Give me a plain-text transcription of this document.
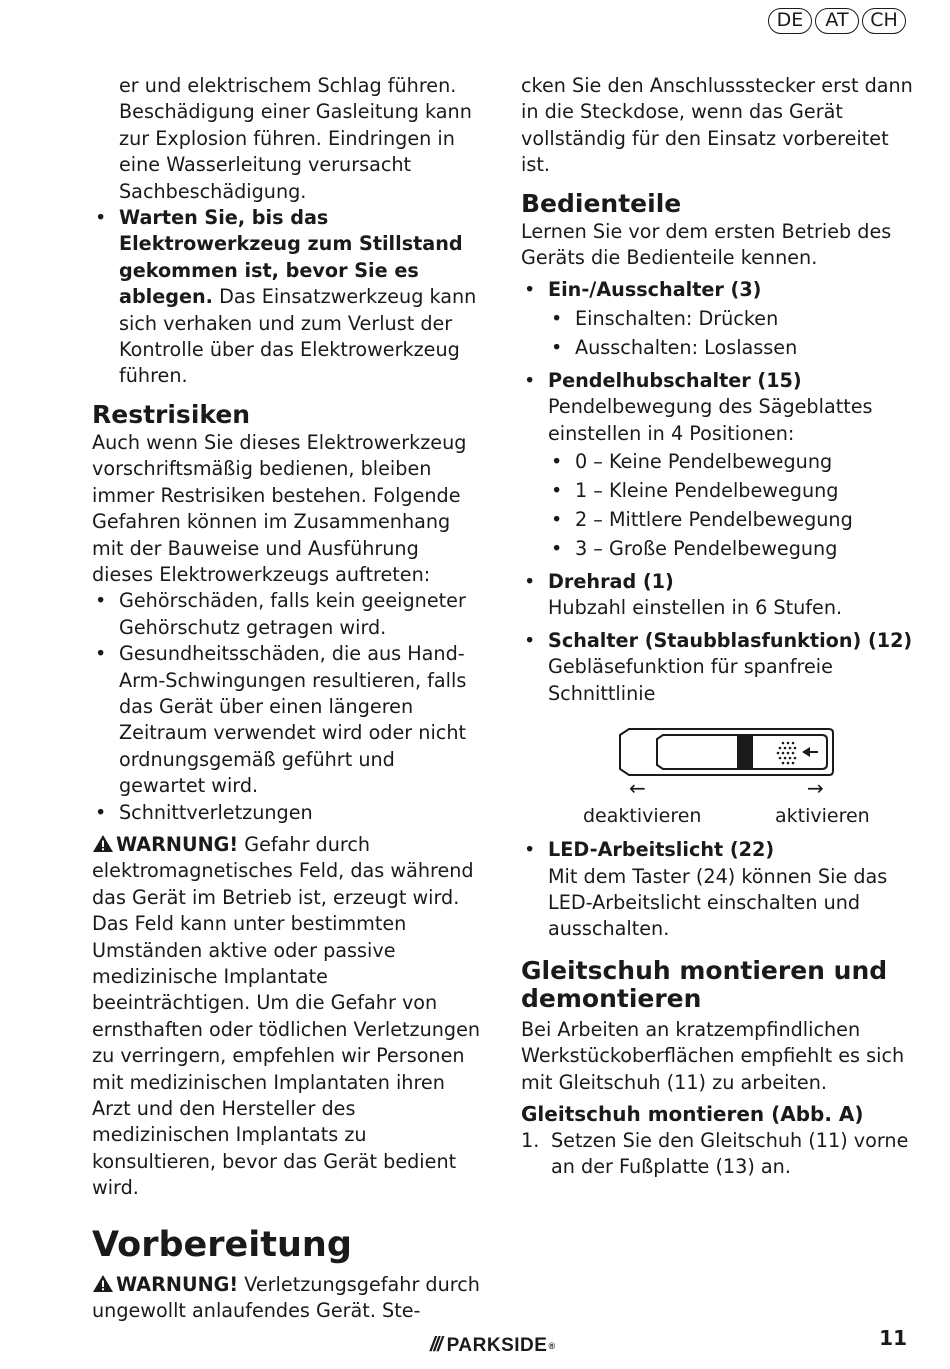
DE	AT	CH

er und elektrischem Schlag führen. Beschädigung einer Gasleitung kann zur Explosion führen. Eindringen in eine Wasserleitung verursacht Sachbeschädigung.

• Warten Sie, bis das Elektrowerkzeug zum Stillstand gekommen ist, bevor Sie es ablegen. Das Einsatzwerkzeug kann sich verhaken und zum Verlust der Kontrolle über das Elektrowerkzeug führen.
Restrisiken

Auch wenn Sie dieses Elektrowerkzeug vorschriftsmäßig bedienen, bleiben immer Restrisiken bestehen. Folgende Gefahren können im Zusammenhang mit der Bauweise und Ausführung dieses Elektrowerkzeugs auftreten:

• Gehörschäden, falls kein geeigneter Gehörschutz getragen wird.
• Gesundheitsschäden, die aus Hand-Arm-Schwingungen resultieren, falls das Gerät über einen längeren Zeitraum verwendet wird oder nicht ordnungsgemäß geführt und gewartet wird.
• Schnittverletzungen

WARNUNG! Gefahr durch elektromagnetisches Feld, das während das Gerät im Betrieb ist, erzeugt wird. Das Feld kann unter bestimmten Umständen aktive oder passive medizinische Implantate beeinträchtigen. Um die Gefahr von ernsthaften oder tödlichen Verletzungen zu verringern, empfehlen wir Personen mit medizinischen Implantaten ihren Arzt und den Hersteller des medizinischen Implantats zu konsultieren, bevor das Gerät bedient wird.

Vorbereitung

WARNUNG! Verletzungsgefahr durch ungewollt anlaufendes Gerät. Ste-

cken Sie den Anschlussstecker erst dann in die Steckdose, wenn das Gerät vollständig für den Einsatz vorbereitet ist.

Bedienteile

Lernen Sie vor dem ersten Betrieb des Geräts die Bedienteile kennen.

• Ein-/Ausschalter (3)
• Einschalten: Drücken
• Ausschalten: Loslassen
• Pendelhubschalter (15)

Pendelbewegung des Sägeblattes einstellen in 4 Positionen:

• 0 – Keine Pendelbewegung
• 1 – Kleine Pendelbewegung
• 2 – Mittlere Pendelbewegung
• 3 – Große Pendelbewegung
• Drehrad (1)

Hubzahl einstellen in 6 Stufen.

• Schalter (Staubblasfunktion) (12)

Gebläsefunktion für spanfreie Schnittlinie

←	→
deaktivieren	aktivieren
• LED-Arbeitslicht (22)

Mit dem Taster (24) können Sie das LED-Arbeitslicht einschalten und ausschalten.

Gleitschuh montieren und demontieren

Bei Arbeiten an kratzempfindlichen Werkstückoberflächen empfiehlt es sich mit Gleitschuh (11) zu arbeiten.

Gleitschuh montieren (Abb. A)
1. Setzen Sie den Gleitschuh (11) vorne an der Fußplatte (13) an.
/// PARKSIDE ®	11
